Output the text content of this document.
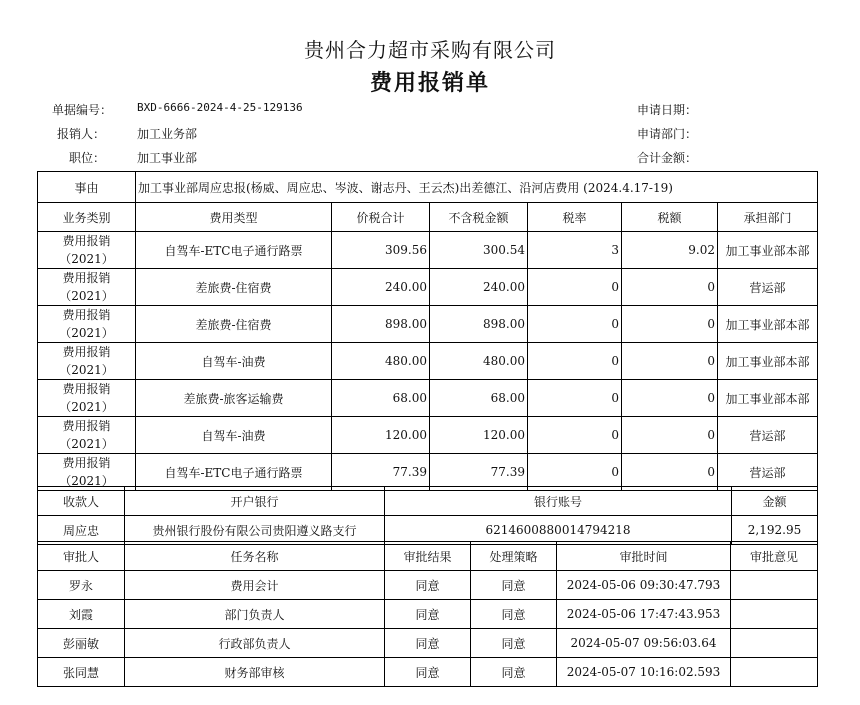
贵州合力超市采购有限公司
费用报销单
单据编号： BXD-6666-2024-4-25-129136	申请日期：
报销人：	加工业务部	申请部门：
职位：	加工事业部	合计金额：
事由	加工事业部周应忠报(杨威、周应忠、岑波、谢志丹、王云杰)出差德江、沿河店费用 (2024.4.17-19)					
业务类别	费用类型	价税合计	不含税金额	税率	税额	承担部门
费用报销（2021）	自驾车-ETC电子通行路票	309.56	300.54	3	9.02	加工事业部本部
费用报销（2021）	差旅费-住宿费	240.00	240.00	0	0	营运部
费用报销（2021）	差旅费-住宿费	898.00	898.00	0	0	加工事业部本部
费用报销（2021）	自驾车-油费	480.00	480.00	0	0	加工事业部本部
费用报销（2021）	差旅费-旅客运输费	68.00	68.00	0	0	加工事业部本部
费用报销（2021）	自驾车-油费	120.00	120.00	0	0	营运部
费用报销（2021）	自驾车-ETC电子通行路票	77.39	77.39	0	0	营运部
收款人	开户银行	银行账号	金额
周应忠	贵州银行股份有限公司贵阳遵义路支行	6214600880014794218	2,192.95
审批人	任务名称	审批结果	处理策略	审批时间	审批意见
罗永	费用会计	同意	同意	2024-05-06 09:30:47.793	
刘霞	部门负责人	同意	同意	2024-05-06 17:47:43.953	
彭丽敏	行政部负责人	同意	同意	2024-05-07 09:56:03.64	
张同慧	财务部审核	同意	同意	2024-05-07 10:16:02.593	
